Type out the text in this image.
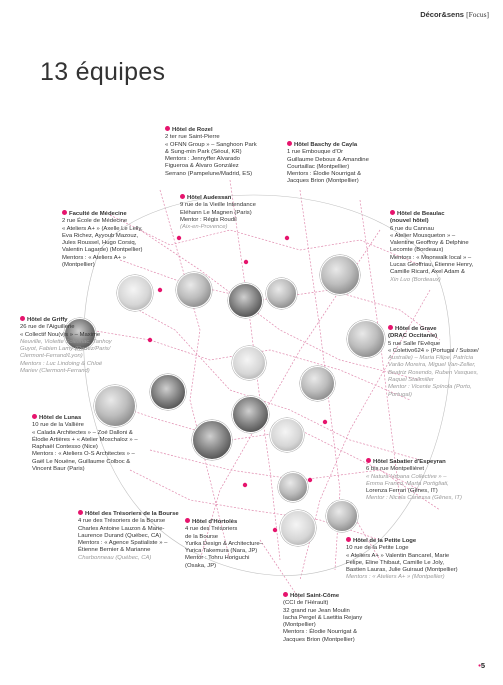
Décor&sens [Focus]
13 équipes
Hôtel de Rozel
2 ter rue Saint-Pierre
« OFNN Group » – Sanghoon Park
& Sung-min Park (Séoul, KR)
Mentors : Jennyffer Alvarado
Figueroa & Álvaro González
Serrano (Pampelune/Madrid, ES)
Hôtel Baschy de Cayla
1 rue Embouque d'Or
Guillaume Deboux & Amandine
Courtaillac (Montpellier)
Mentors : Élodie Nourrigat &
Jacques Brion (Montpellier)
Hôtel Audessan
9 rue de la Vieille Intendance
Eléhann Le Magnen (Paris)
Mentor : Régis Roudil
(Aix-en-Provence)
Faculté de Médecine
2 rue École de Médecine
« Ateliers A+ » (Axelle Le Lelly,
Eva Richez, Ayyoub Mazouz,
Jules Roussel, Hugo Corsiq,
Valentin Lagarde) (Montpellier)
Mentors : « Ateliers A+ »
(Montpellier)
Hôtel de Beaulac
(nouvel hôtel)
6 rue du Cannau
« Atelier Mousqueton » –
Valentine Geoffroy & Delphine
Lecomte (Bordeaux)
Mentors : « Moonwalk local » –
Lucas Geoffriau, Étienne Henry,
Camille Ricard, Axel Adam &
Xin Luo (Bordeaux)
Hôtel de Griffy
26 rue de l'Aiguillerie
« Collectif Nou(v)s » – Maxime
Neuville, Violette Soleilhac, Tanhoy
Guyot, Fabien Lamy (Rodez/Paris/
Clermont-Ferrand/Lyon)
Mentors : Luc Lindoing & Chloé
Mariev (Clermont-Ferrand)
Hôtel de Grave
(DRAC Occitanie)
5 rue Salle l'Evêque
« Coletivo624 » (Portugal / Suisse/
Australie) – Maria Filipe, Patrícia
Varão Moreira, Miguel Van-Zeller,
Beatriz Rosendo, Ruben Vasques,
Raquel Stallmiller
Mentor : Vicente Spínola (Porto,
Portugal)
Hôtel de Lunas
10 rue de la Vallière
« Calada Architectes » – Zoé Dalloni &
Élodie Artières + « Atelier Moschaloz » –
Raphaël Contesso (Nice)
Mentors : « Ateliers O-S Architectes » –
Gaël Le Nouëne, Guillaume Colboc &
Vincent Baur (Paris)
Hôtel Sabatier d'Espeyran
6 bis rue Montpelliéret
« Natura Urbana Collective » –
Emma Franco, Marta Portigliati,
Lorenza Ferrari (Gênes, IT)
Mentor : Nicola Canessa (Gênes, IT)
Hôtel des Trésoriers de la Bourse
4 rue des Trésoriers de la Bourse
Charles Antoine Lauzon & Marie-
Laurence Durand (Québec, CA)
Mentors : « Agence Spatialiste » –
Étienne Bernier & Marianne
Charbonneau (Québec, CA)
Hôtel d'Hortolès
4 rue des Trésoriers
de la Bourse
Yurika Design & Architecture–
Yurica Takemura (Nara, JP)
Mentor : Tohru Horiguchi
(Osaka, JP)
Hôtel de la Petite Loge
10 rue de la Petite Loge
« Ateliers A+ » Valentin Bancarel, Marie
Felipe, Eline Thibaut, Camille Le Joly,
Bastien Lauras, Julie Guiraud (Montpellier)
Mentors : « Ateliers A+ » (Montpellier)
Hôtel Saint-Côme
(CCI de l'Hérault)
32 grand rue Jean Moulin
Iacha Pergel & Laetitia Rejany
(Montpellier)
Mentors : Élodie Nourrigat &
Jacques Brion (Montpellier)
•5
